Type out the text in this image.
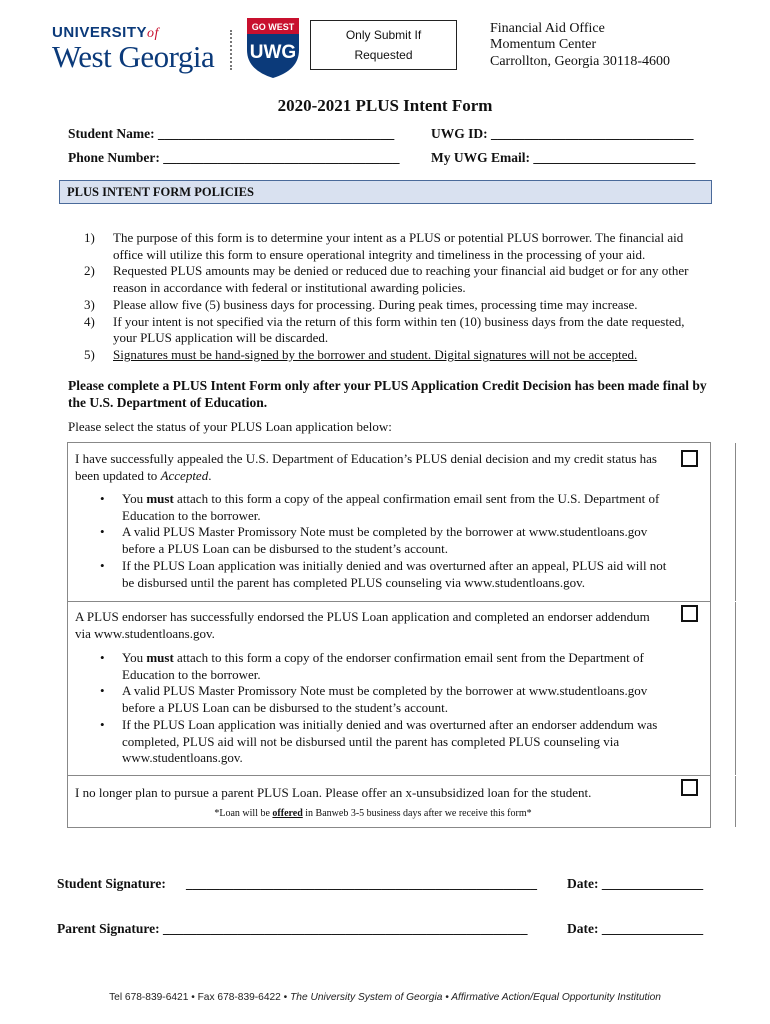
UNIVERSITYof
West Georgia
GO WEST
UWG
Only Submit If
Requested
Financial Aid Office
Momentum Center
Carrollton, Georgia 30118-4600
2020-2021 PLUS Intent Form
Student Name: ___________________________________	UWG ID: ______________________________
Phone Number: ___________________________________ My UWG Email: ________________________
PLUS INTENT FORM POLICIES
1) The purpose of this form is to determine your intent as a PLUS or potential PLUS borrower. The financial aid office will utilize this form to ensure operational integrity and timeliness in the processing of your aid.
2) Requested PLUS amounts may be denied or reduced due to reaching your financial aid budget or for any other reason in accordance with federal or institutional awarding policies.
3) Please allow five (5) business days for processing. During peak times, processing time may increase.
4) If your intent is not specified via the return of this form within ten (10) business days from the date requested, your PLUS application will be discarded.
5) Signatures must be hand-signed by the borrower and student. Digital signatures will not be accepted.
Please complete a PLUS Intent Form only after your PLUS Application Credit Decision has been made final by the U.S. Department of Education.
Please select the status of your PLUS Loan application below:
I have successfully appealed the U.S. Department of Education’s PLUS denial decision and my credit status has been updated to Accepted.
• You must attach to this form a copy of the appeal confirmation email sent from the U.S. Department of Education to the borrower.
• A valid PLUS Master Promissory Note must be completed by the borrower at www.studentloans.gov before a PLUS Loan can be disbursed to the student’s account.
• If the PLUS Loan application was initially denied and was overturned after an appeal, PLUS aid will not be disbursed until the parent has completed PLUS counseling via www.studentloans.gov.
A PLUS endorser has successfully endorsed the PLUS Loan application and completed an endorser addendum via www.studentloans.gov.
• You must attach to this form a copy of the endorser confirmation email sent from the Department of Education to the borrower.
• A valid PLUS Master Promissory Note must be completed by the borrower at www.studentloans.gov before a PLUS Loan can be disbursed to the student’s account.
• If the PLUS Loan application was initially denied and was overturned after an endorser addendum was completed, PLUS aid will not be disbursed until the parent has completed PLUS counseling via www.studentloans.gov.
I no longer plan to pursue a parent PLUS Loan. Please offer an x-unsubsidized loan for the student.
*Loan will be offered in Banweb 3-5 business days after we receive this form*
Student Signature: ____________________________________________________ Date: _______________
Parent Signature: ______________________________________________________	Date: _______________
Tel 678-839-6421 • Fax 678-839-6422 • The University System of Georgia • Affirmative Action/Equal Opportunity Institution
